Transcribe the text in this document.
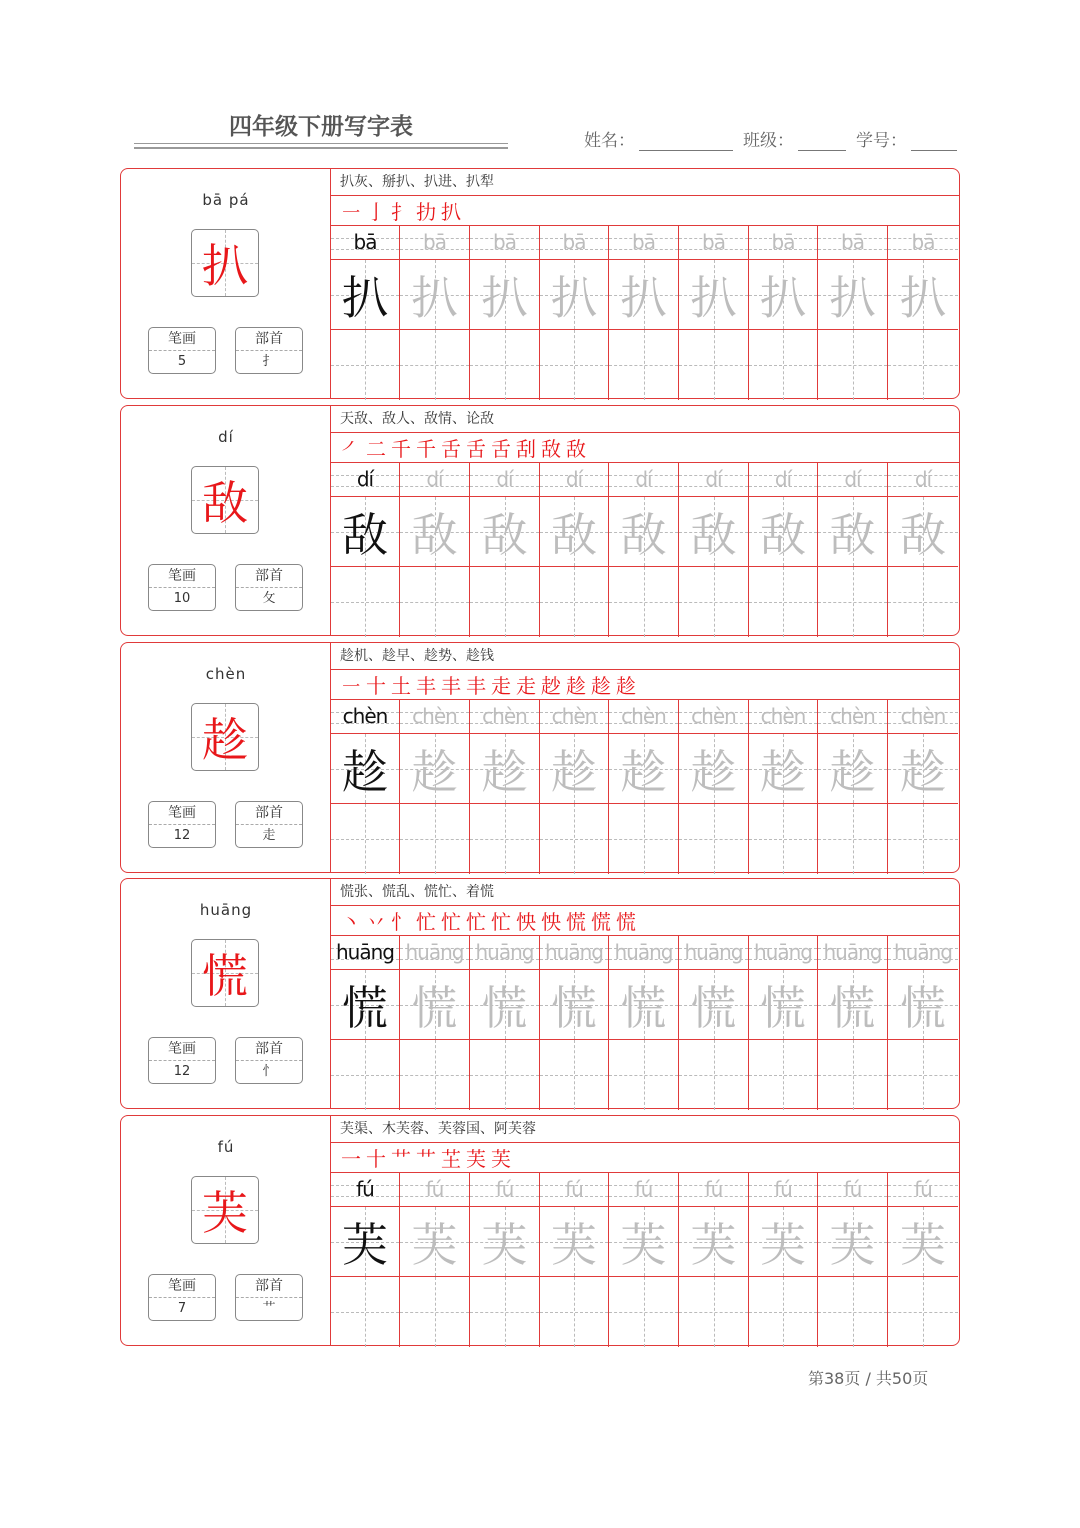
四年级下册写字表
姓名：	班级：	学号：
bā pá
扒
笔画
5
部首
扌
扒灰、掰扒、扒进、扒犁
㇐ 亅 扌 扐 扒
bā
扒
bā
扒
bā
扒
bā
扒
bā
扒
bā
扒
bā
扒
bā
扒
bā
扒
dí
敌
笔画
10
部首
攵
天敌、敌人、敌情、论敌
㇒ 二 千 千 舌 舌 舌 刮 敌 敌
dí
敌
dí
敌
dí
敌
dí
敌
dí
敌
dí
敌
dí
敌
dí
敌
dí
敌
chèn
趁
笔画
12
部首
走
趁机、趁早、趁势、趁钱
㇐ 十 土 丰 丰 丰 走 走 赻 趁 趁 趁
chèn
趁
chèn
趁
chèn
趁
chèn
趁
chèn
趁
chèn
趁
chèn
趁
chèn
趁
chèn
趁
huāng
慌
笔画
12
部首
忄
慌张、慌乱、慌忙、着慌
丶 丷 忄 忙 忙 忙 忙 怏 怏 慌 慌 慌
huāng
慌
huāng
慌
huāng
慌
huāng
慌
huāng
慌
huāng
慌
huāng
慌
huāng
慌
huāng
慌
fú
芙
笔画
7
部首
艹
芙渠、木芙蓉、芙蓉国、阿芙蓉
一 十 艹 艹 芏 芙 芙
fú
芙
fú
芙
fú
芙
fú
芙
fú
芙
fú
芙
fú
芙
fú
芙
fú
芙
第38页 / 共50页
